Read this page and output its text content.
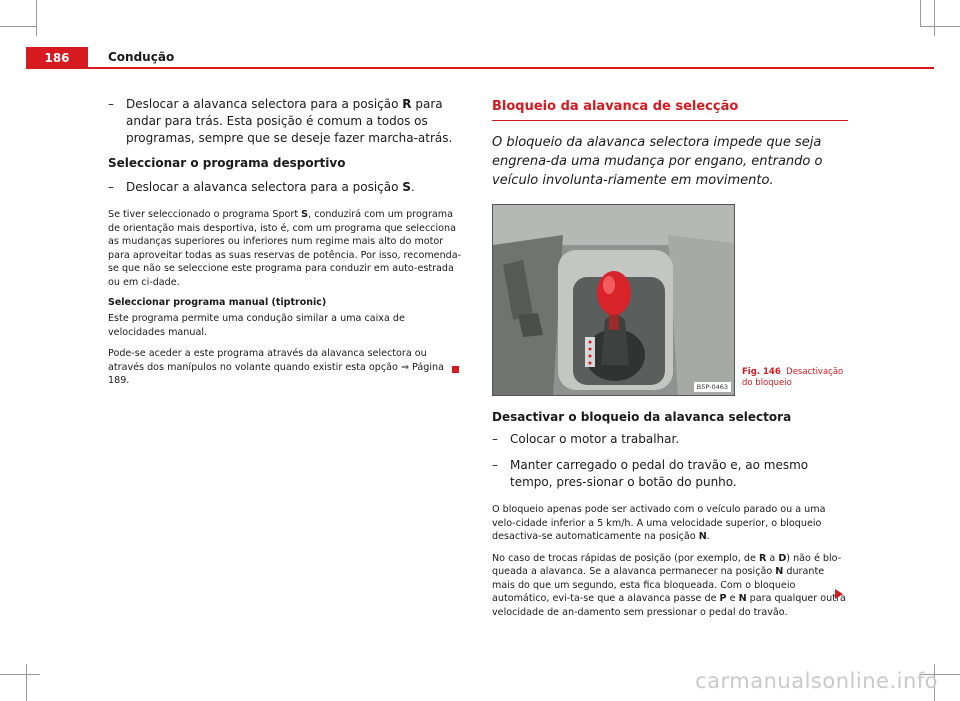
186	Condução
–	Deslocar a alavanca selectora para a posição R para andar para trás. Esta posição é comum a todos os programas, sempre que se deseje fazer marcha-atrás.
Seleccionar o programa desportivo
–	Deslocar a alavanca selectora para a posição S.

Se tiver seleccionado o programa Sport S, conduzirá com um programa de orientação mais desportiva, isto é, com um programa que selecciona as mudanças superiores ou inferiores num regime mais alto do motor para aproveitar todas as suas reservas de potência. Por isso, recomenda-se que não se seleccione este programa para conduzir em auto-estrada ou em ci-dade.

Seleccionar programa manual (tiptronic)

Este programa permite uma condução similar a uma caixa de velocidades manual.

Pode-se aceder a este programa através da alavanca selectora ou através dos manípulos no volante quando existir esta opção ⇒ Página 189.

Bloqueio da alavanca de selecção

O bloqueio da alavanca selectora impede que seja engrena-da uma mudança por engano, entrando o veículo involunta-riamente em movimento.

B5P-0463
Fig. 146 Desactivação do bloqueio
Desactivar o bloqueio da alavanca selectora
–	Colocar o motor a trabalhar.
–	Manter carregado o pedal do travão e, ao mesmo tempo, pres-sionar o botão do punho.

O bloqueio apenas pode ser activado com o veículo parado ou a uma velo-cidade inferior a 5 km/h. A uma velocidade superior, o bloqueio desactiva-se automaticamente na posição N.

No caso de trocas rápidas de posição (por exemplo, de R a D) não é blo-queada a alavanca. Se a alavanca permanecer na posição N durante mais do que um segundo, esta fica bloqueada. Com o bloqueio automático, evi-ta-se que a alavanca passe de P e N para qualquer outra velocidade de an-damento sem pressionar o pedal do travão.

carmanualsonline.info
